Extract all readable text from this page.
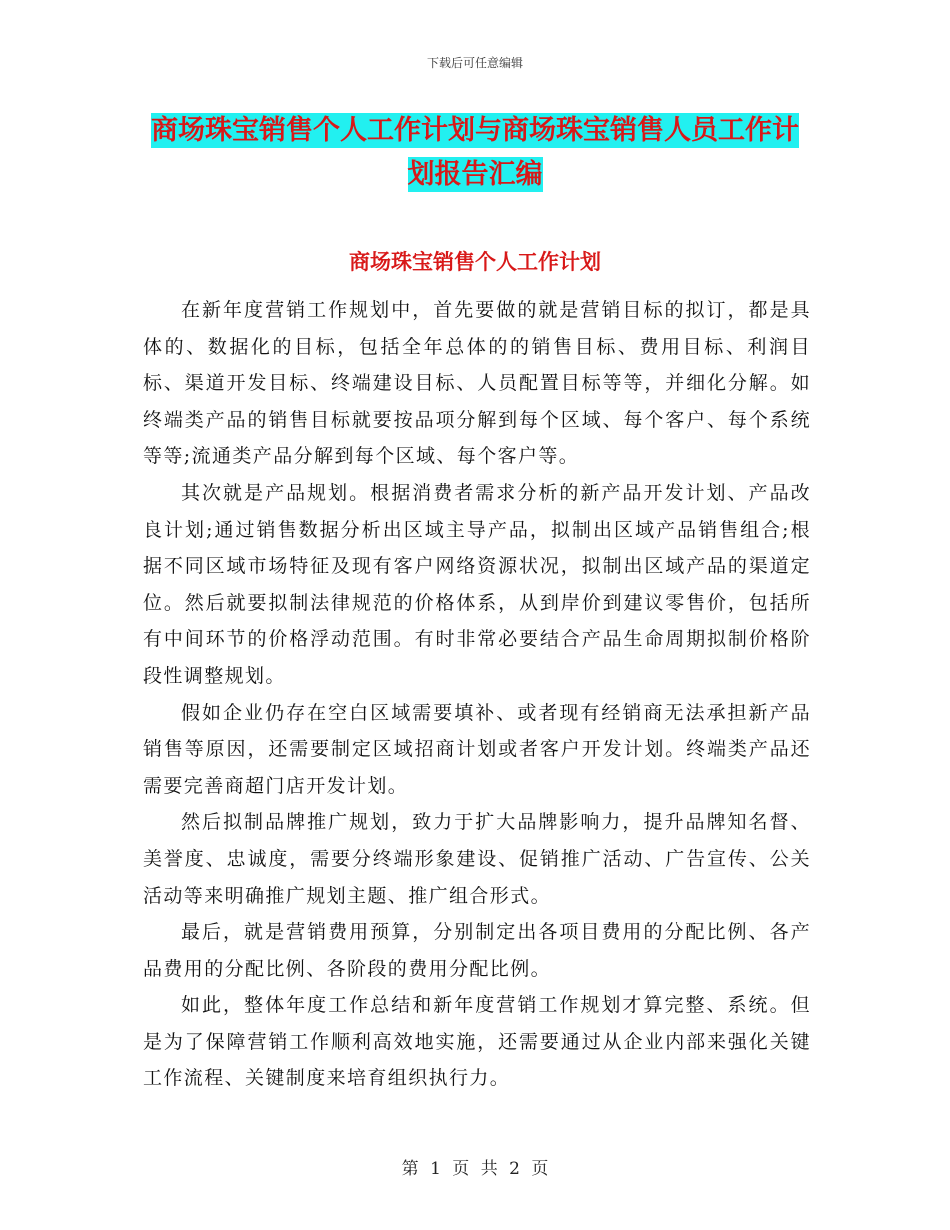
下载后可任意编辑
商场珠宝销售个人工作计划与商场珠宝销售人员工作计划报告汇编
商场珠宝销售个人工作计划

在新年度营销工作规划中，首先要做的就是营销目标的拟订，都是具体的、数据化的目标，包括全年总体的的销售目标、费用目标、利润目标、渠道开发目标、终端建设目标、人员配置目标等等，并细化分解。如终端类产品的销售目标就要按品项分解到每个区域、每个客户、每个系统等等;流通类产品分解到每个区域、每个客户等。

其次就是产品规划。根据消费者需求分析的新产品开发计划、产品改良计划;通过销售数据分析出区域主导产品，拟制出区域产品销售组合;根据不同区域市场特征及现有客户网络资源状况，拟制出区域产品的渠道定位。然后就要拟制法律规范的价格体系，从到岸价到建议零售价，包括所有中间环节的价格浮动范围。有时非常必要结合产品生命周期拟制价格阶段性调整规划。

假如企业仍存在空白区域需要填补、或者现有经销商无法承担新产品销售等原因，还需要制定区域招商计划或者客户开发计划。终端类产品还需要完善商超门店开发计划。

然后拟制品牌推广规划，致力于扩大品牌影响力，提升品牌知名督、美誉度、忠诚度，需要分终端形象建设、促销推广活动、广告宣传、公关活动等来明确推广规划主题、推广组合形式。

最后，就是营销费用预算，分别制定出各项目费用的分配比例、各产品费用的分配比例、各阶段的费用分配比例。

如此，整体年度工作总结和新年度营销工作规划才算完整、系统。但是为了保障营销工作顺利高效地实施，还需要通过从企业内部来强化关键工作流程、关键制度来培育组织执行力。

第 1 页 共 2 页
